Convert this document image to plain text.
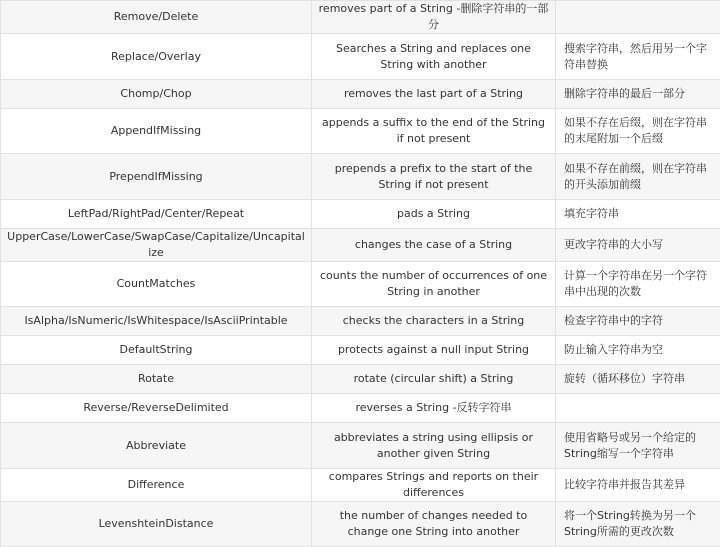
Remove/Delete	removes part of a String -删除字符串的一部分	
Replace/Overlay	Searches a String and replaces one String with another	搜索字符串，然后用另一个字符串替换
Chomp/Chop	removes the last part of a String	删除字符串的最后一部分
AppendIfMissing	appends a suffix to the end of the String if not present	如果不存在后缀，则在字符串的末尾附加一个后缀
PrependIfMissing	prepends a prefix to the start of the String if not present	如果不存在前缀，则在字符串的开头添加前缀
LeftPad/RightPad/Center/Repeat	pads a String	填充字符串
UpperCase/LowerCase/SwapCase/Capitalize/Uncapitalize	changes the case of a String	更改字符串的大小写
CountMatches	counts the number of occurrences of one String in another	计算一个字符串在另一个字符串中出现的次数
IsAlpha/IsNumeric/IsWhitespace/IsAsciiPrintable	checks the characters in a String	检查字符串中的字符
DefaultString	protects against a null input String	防止输入字符串为空
Rotate	rotate (circular shift) a String	旋转（循环移位）字符串
Reverse/ReverseDelimited	reverses a String -反转字符串	
Abbreviate	abbreviates a string using ellipsis or another given String	使用省略号或另一个给定的String缩写一个字符串
Difference	compares Strings and reports on their differences	比较字符串并报告其差异
LevenshteinDistance	the number of changes needed to change one String into another	将一个String转换为另一个String所需的更改次数
